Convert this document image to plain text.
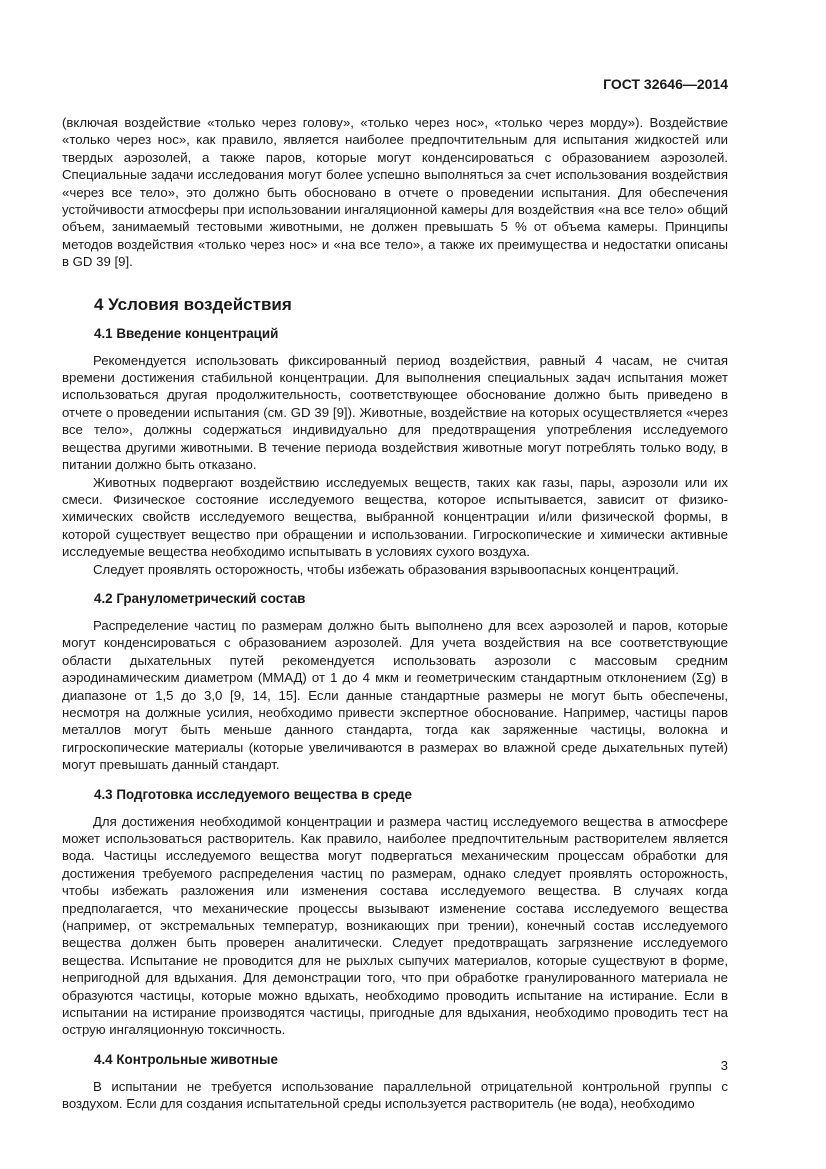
ГОСТ 32646—2014

(включая воздействие «только через голову», «только через нос», «только через морду»). Воздействие «только через нос», как правило, является наиболее предпочтительным для испытания жидкостей или твердых аэрозолей, а также паров, которые могут конденсироваться с образованием аэрозолей. Специальные задачи исследования могут более успешно выполняться за счет использования воздействия «через все тело», это должно быть обосновано в отчете о проведении испытания. Для обеспечения устойчивости атмосферы при использовании ингаляционной камеры для воздействия «на все тело» общий объем, занимаемый тестовыми животными, не должен превышать 5 % от объема камеры. Принципы методов воздействия «только через нос» и «на все тело», а также их преимущества и недостатки описаны в GD 39 [9].

4 Условия воздействия
4.1 Введение концентраций

Рекомендуется использовать фиксированный период воздействия, равный 4 часам, не считая времени достижения стабильной концентрации. Для выполнения специальных задач испытания может использоваться другая продолжительность, соответствующее обоснование должно быть приведено в отчете о проведении испытания (см. GD 39 [9]). Животные, воздействие на которых осуществляется «через все тело», должны содержаться индивидуально для предотвращения употребления исследуемого вещества другими животными. В течение периода воздействия животные могут потреблять только воду, в питании должно быть отказано.

Животных подвергают воздействию исследуемых веществ, таких как газы, пары, аэрозоли или их смеси. Физическое состояние исследуемого вещества, которое испытывается, зависит от физико-химических свойств исследуемого вещества, выбранной концентрации и/или физической формы, в которой существует вещество при обращении и использовании. Гигроскопические и химически активные исследуемые вещества необходимо испытывать в условиях сухого воздуха.

Следует проявлять осторожность, чтобы избежать образования взрывоопасных концентраций.

4.2 Гранулометрический состав

Распределение частиц по размерам должно быть выполнено для всех аэрозолей и паров, которые могут конденсироваться с образованием аэрозолей. Для учета воздействия на все соответствующие области дыхательных путей рекомендуется использовать аэрозоли с массовым средним аэродинамическим диаметром (ММАД) от 1 до 4 мкм и геометрическим стандартным отклонением (Σg) в диапазоне от 1,5 до 3,0 [9, 14, 15]. Если данные стандартные размеры не могут быть обеспечены, несмотря на должные усилия, необходимо привести экспертное обоснование. Например, частицы паров металлов могут быть меньше данного стандарта, тогда как заряженные частицы, волокна и гигроскопические материалы (которые увеличиваются в размерах во влажной среде дыхательных путей) могут превышать данный стандарт.

4.3 Подготовка исследуемого вещества в среде

Для достижения необходимой концентрации и размера частиц исследуемого вещества в атмосфере может использоваться растворитель. Как правило, наиболее предпочтительным растворителем является вода. Частицы исследуемого вещества могут подвергаться механическим процессам обработки для достижения требуемого распределения частиц по размерам, однако следует проявлять осторожность, чтобы избежать разложения или изменения состава исследуемого вещества. В случаях когда предполагается, что механические процессы вызывают изменение состава исследуемого вещества (например, от экстремальных температур, возникающих при трении), конечный состав исследуемого вещества должен быть проверен аналитически. Следует предотвращать загрязнение исследуемого вещества. Испытание не проводится для не рыхлых сыпучих материалов, которые существуют в форме, непригодной для вдыхания. Для демонстрации того, что при обработке гранулированного материала не образуются частицы, которые можно вдыхать, необходимо проводить испытание на истирание. Если в испытании на истирание производятся частицы, пригодные для вдыхания, необходимо проводить тест на острую ингаляционную токсичность.

4.4 Контрольные животные

В испытании не требуется использование параллельной отрицательной контрольной группы с воздухом. Если для создания испытательной среды используется растворитель (не вода), необходимо

3
